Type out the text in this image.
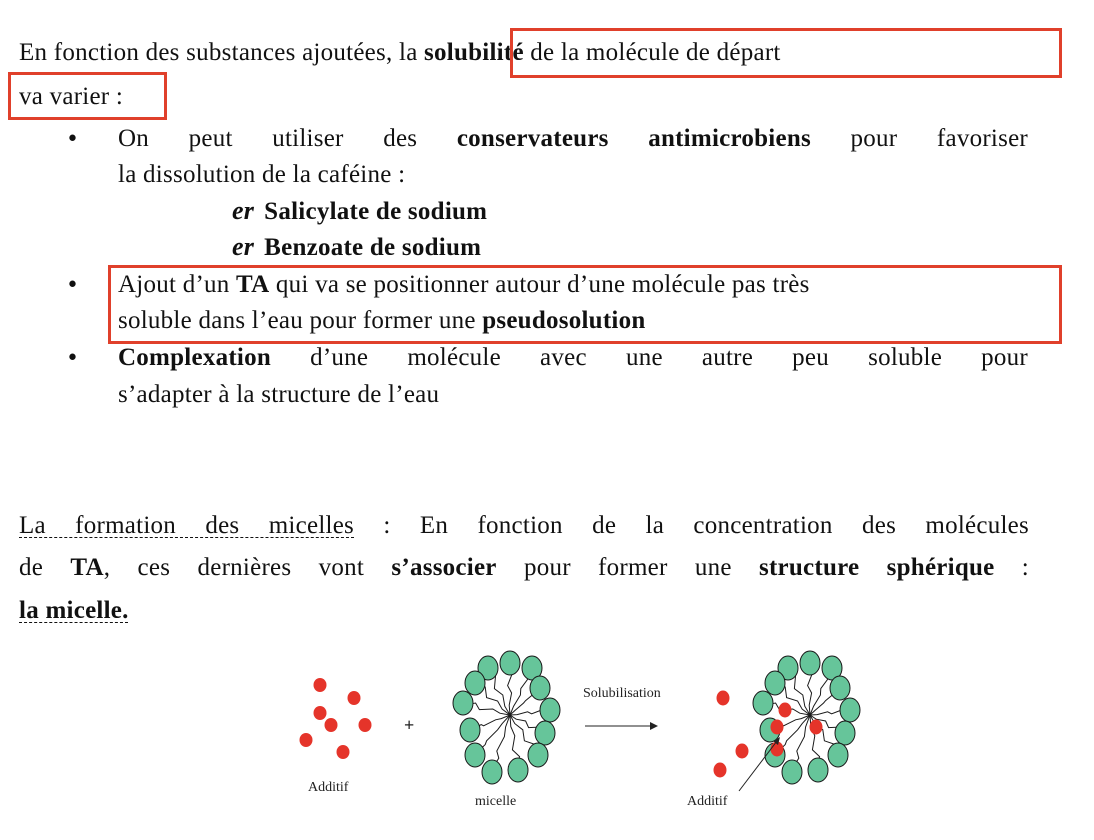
En fonction des substances ajoutées, la solubilité de la molécule de départ
va varier :
• On peut utiliser des conservateurs antimicrobiens pour favoriser
la dissolution de la caféine :
er Salicylate de sodium
er Benzoate de sodium
• Ajout d’un TA qui va se positionner autour d’une molécule pas très
soluble dans l’eau pour former une pseudosolution
• Complexation d’une molécule avec une autre peu soluble pour
s’adapter à la structure de l’eau
La formation des micelles : En fonction de la concentration des molécules
de TA, ces dernières vont s’associer pour former une structure sphérique :
la micelle.
+
Solubilisation
Additif
micelle	Additif
